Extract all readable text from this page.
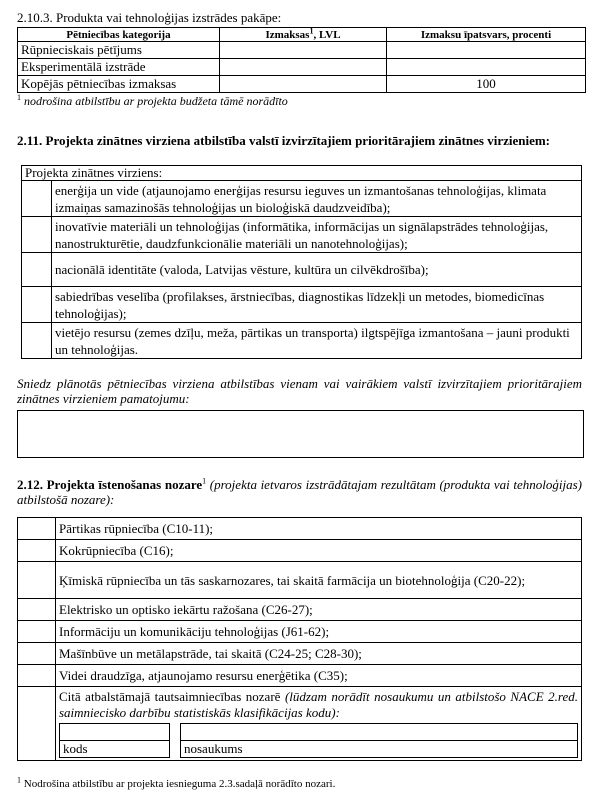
2.10.3. Produkta vai tehnoloģijas izstrādes pakāpe:
Pētniecības kategorija	Izmaksas$^1$, LVL	Izmaksu īpatsvars, procenti
Rūpnieciskais pētījums		
Eksperimentālā izstrāde		
Kopējās pētniecības izmaksas		100
$^1$ nodrošina atbilstību ar projekta budžeta tāmē norādīto
2.11. Projekta zinātnes virziena atbilstība valstī izvirzītajiem prioritārajiem zinātnes virzieniem:
Projekta zinātnes virziens:	
	enerģija un vide (atjaunojamo enerģijas resursu ieguves un izmantošanas tehnoloģijas, klimata izmaiņas samazinošās tehnoloģijas un bioloģiskā daudzveidība);
	inovatīvie materiāli un tehnoloģijas (informātika, informācijas un signālapstrādes tehnoloģijas, nanostrukturētie, daudzfunkcionālie materiāli un nanotehnoloģijas);
	nacionālā identitāte (valoda, Latvijas vēsture, kultūra un cilvēkdrošība);
	sabiedrības veselība (profilakses, ārstniecības, diagnostikas līdzekļi un metodes, biomedicīnas tehnoloģijas);
	vietējo resursu (zemes dzīļu, meža, pārtikas un transporta) ilgtspējīga izmantošana – jauni produkti un tehnoloģijas.
Sniedz plānotās pētniecības virziena atbilstības vienam vai vairākiem valstī izvirzītajiem prioritārajiem zinātnes virzieniem pamatojumu:
2.12. Projekta īstenošanas nozare$^1$ (projekta ietvaros izstrādātajam rezultātam (produkta vai tehnoloģijas) atbilstošā nozare):
	Pārtikas rūpniecība (C10-11);
	Kokrūpniecība (C16);
	Ķīmiskā rūpniecība un tās saskarnozares, tai skaitā farmācija un biotehnoloģija (C20-22);
	Elektrisko un optisko iekārtu ražošana (C26-27);
	Informāciju un komunikāciju tehnoloģijas (J61-62);
	Mašīnbūve un metālapstrāde, tai skaitā (C24-25; C28-30);
	Videi draudzīga, atjaunojamo resursu enerģētika (C35);

Citā atbalstāmajā tautsaimniecības nozarē (lūdzam norādīt nosaukumu un atbilstošo NACE 2.red. saimniecisko darbību statistiskās klasifikācijas kodu):

kods		nosaukums
$^1$ Nodrošina atbilstību ar projekta iesnieguma 2.3.sadaļā norādīto nozari.
